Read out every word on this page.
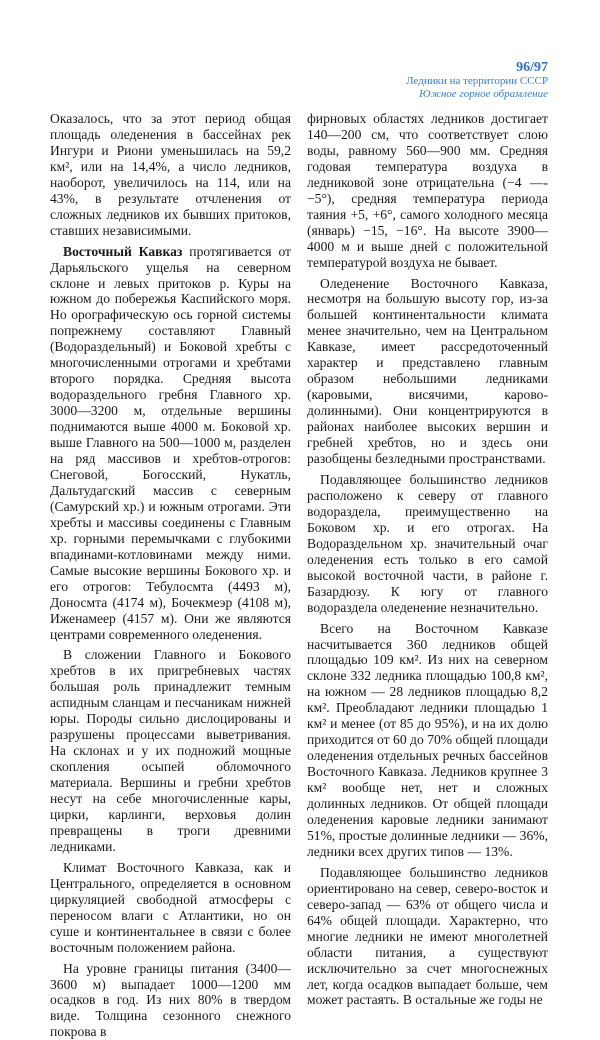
96/97
Ледники на территории СССР
Южное горное обрамление

Оказалось, что за этот период общая площадь оледенения в бассейнах рек Ингури и Риони уменьшилась на 59,2 км², или на 14,4%, а число ледников, наоборот, увеличилось на 114, или на 43%, в результате отчленения от сложных ледников их бывших притоков, ставших независимыми.

Восточный Кавказ протягивается от Дарьяльского ущелья на северном склоне и левых притоков р. Куры на южном до побережья Каспийского моря. Но орографическую ось горной системы попрежнему составляют Главный (Водораздельный) и Боковой хребты с многочисленными отрогами и хребтами второго порядка. Средняя высота водораздельного гребня Главного хр. 3000—3200 м, отдельные вершины поднимаются выше 4000 м. Боковой хр. выше Главного на 500—1000 м, разделен на ряд массивов и хребтов-отрогов: Снеговой, Богосский, Нукатль, Дальтудагский массив с северным (Самурский хр.) и южным отрогами. Эти хребты и массивы соединены с Главным хр. горными перемычками с глубокими впадинами-котловинами между ними. Самые высокие вершины Бокового хр. и его отрогов: Тебулосмта (4493 м), Доносмта (4174 м), Бочекмеэр (4108 м), Иженамеер (4157 м). Они же являются центрами современного оледенения.

В сложении Главного и Бокового хребтов в их пригребневых частях большая роль принадлежит темным аспидным сланцам и песчаникам нижней юры. Породы сильно дислоцированы и разрушены процессами выветривания. На склонах и у их подножий мощные скопления осыпей обломочного материала. Вершины и гребни хребтов несут на себе многочисленные кары, цирки, карлинги, верховья долин превращены в троги древними ледниками.

Климат Восточного Кавказа, как и Центрального, определяется в основном циркуляцией свободной атмосферы с переносом влаги с Атлантики, но он суше и континентальнее в связи с более восточным положением района.

На уровне границы питания (3400—3600 м) выпадает 1000—1200 мм осадков в год. Из них 80% в твердом виде. Толщина сезонного снежного покрова в

фирновых областях ледников достигает 140—200 см, что соответствует слою воды, равному 560—900 мм. Средняя годовая температура воздуха в ледниковой зоне отрицательна (−4 —- −5°), средняя температура периода таяния +5, +6°, самого холодного месяца (январь) −15, −16°. На высоте 3900—4000 м и выше дней с положительной температурой воздуха не бывает.

Оледенение Восточного Кавказа, несмотря на большую высоту гор, из-за большей континентальности климата менее значительно, чем на Центральном Кавказе, имеет рассредоточенный характер и представлено главным образом небольшими ледниками (каровыми, висячими, карово-долинными). Они концентрируются в районах наиболее высоких вершин и гребней хребтов, но и здесь они разобщены безледными пространствами.

Подавляющее большинство ледников расположено к северу от главного водораздела, преимущественно на Боковом хр. и его отрогах. На Водораздельном хр. значительный очаг оледенения есть только в его самой высокой восточной части, в районе г. Базардюзу. К югу от главного водораздела оледенение незначительно.

Всего на Восточном Кавказе насчитывается 360 ледников общей площадью 109 км². Из них на северном склоне 332 ледника площадью 100,8 км², на южном — 28 ледников площадью 8,2 км². Преобладают ледники площадью 1 км² и менее (от 85 до 95%), и на их долю приходится от 60 до 70% общей площади оледенения отдельных речных бассейнов Восточного Кавказа. Ледников крупнее 3 км² вообще нет, нет и сложных долинных ледников. От общей площади оледенения каровые ледники занимают 51%, простые долинные ледники — 36%, ледники всех других типов — 13%.

Подавляющее большинство ледников ориентировано на север, северо-восток и северо-запад — 63% от общего числа и 64% общей площади. Характерно, что многие ледники не имеют многолетней области питания, а существуют исключительно за счет многоснежных лет, когда осадков выпадает больше, чем может растаять. В остальные же годы не
